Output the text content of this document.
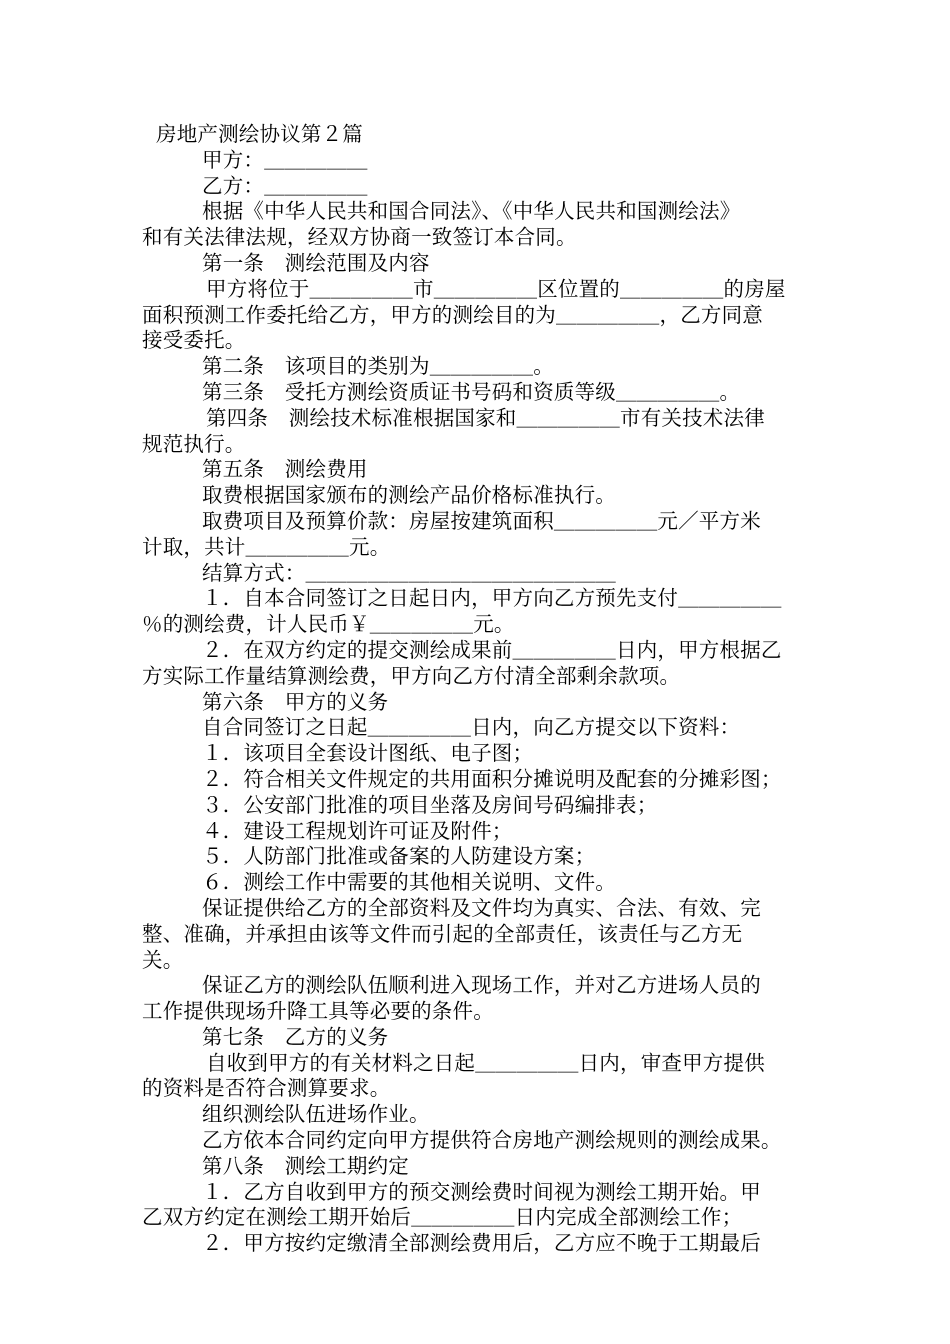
房地产测绘协议第２篇
甲方：＿＿＿＿＿
乙方：＿＿＿＿＿
根据《中华人民共和国合同法》、《中华人民共和国测绘法》
和有关法律法规，经双方协商一致签订本合同。
第一条　测绘范围及内容
甲方将位于＿＿＿＿＿市＿＿＿＿＿区位置的＿＿＿＿＿的房屋
面积预测工作委托给乙方，甲方的测绘目的为＿＿＿＿＿，乙方同意
接受委托。
第二条　该项目的类别为＿＿＿＿＿。
第三条　受托方测绘资质证书号码和资质等级＿＿＿＿＿。
第四条　测绘技术标准根据国家和＿＿＿＿＿市有关技术法律
规范执行。
第五条　测绘费用
取费根据国家颁布的测绘产品价格标准执行。
取费项目及预算价款：房屋按建筑面积＿＿＿＿＿元／平方米
计取，共计＿＿＿＿＿元。
结算方式：＿＿＿＿＿＿＿＿＿＿＿＿＿＿＿
１．自本合同签订之日起日内，甲方向乙方预先支付＿＿＿＿＿
％的测绘费，计人民币￥＿＿＿＿＿元。
２．在双方约定的提交测绘成果前＿＿＿＿＿日内，甲方根据乙
方实际工作量结算测绘费，甲方向乙方付清全部剩余款项。
第六条　甲方的义务
自合同签订之日起＿＿＿＿＿日内，向乙方提交以下资料：
１．该项目全套设计图纸、电子图；
２．符合相关文件规定的共用面积分摊说明及配套的分摊彩图；
３．公安部门批准的项目坐落及房间号码编排表；
４．建设工程规划许可证及附件；
５．人防部门批准或备案的人防建设方案；
６．测绘工作中需要的其他相关说明、文件。
保证提供给乙方的全部资料及文件均为真实、合法、有效、完
整、准确，并承担由该等文件而引起的全部责任，该责任与乙方无
关。
保证乙方的测绘队伍顺利进入现场工作，并对乙方进场人员的
工作提供现场升降工具等必要的条件。
第七条　乙方的义务
自收到甲方的有关材料之日起＿＿＿＿＿日内，审查甲方提供
的资料是否符合测算要求。
组织测绘队伍进场作业。
乙方依本合同约定向甲方提供符合房地产测绘规则的测绘成果。
第八条　测绘工期约定
１．乙方自收到甲方的预交测绘费时间视为测绘工期开始。甲
乙双方约定在测绘工期开始后＿＿＿＿＿日内完成全部测绘工作；
２．甲方按约定缴清全部测绘费用后，乙方应不晚于工期最后
